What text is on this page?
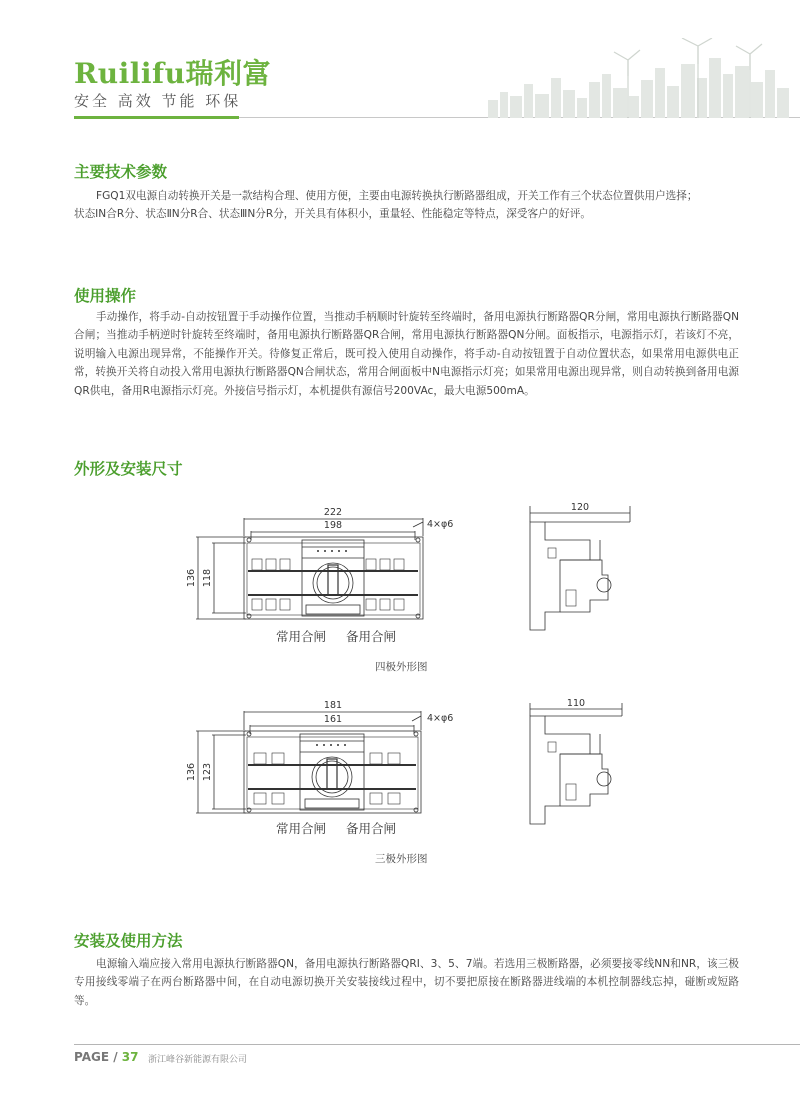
Ruilifu瑞利富
安全 高效 节能 环保
主要技术参数
FGQ1双电源自动转换开关是一款结构合理、使用方便，主要由电源转换执行断路器组成，开关工作有三个状态位置供用户选择；
状态ⅠN合R分、状态ⅡN分R合、状态ⅢN分R分，开关具有体积小，重量轻、性能稳定等特点，深受客户的好评。
使用操作
手动操作，将手动-自动按钮置于手动操作位置，当推动手柄顺时针旋转至终端时，备用电源执行断路器QR分闸，常用电源执行断路器QN合闸；当推动手柄逆时针旋转至终端时，备用电源执行断路器QR合闸，常用电源执行断路器QN分闸。面板指示，电源指示灯，若该灯不亮，说明输入电源出现异常，不能操作开关。待修复正常后，既可投入使用自动操作，将手动-自动按钮置于自动位置状态，如果常用电源供电正常，转换开关将自动投入常用电源执行断路器QN合闸状态，常用合闸面板中N电源指示灯亮；如果常用电源出现异常，则自动转换到备用电源QR供电，备用R电源指示灯亮。外接信号指示灯，本机提供有源信号200VAc，最大电源500mA。
外形及安装尺寸
222
198	4×φ6
136 118
120
181
161	4×φ6
136 123
110
常用合闸 备用合闸
四极外形图
常用合闸 备用合闸
三极外形图
安装及使用方法
电源输入端应接入常用电源执行断路器QN，备用电源执行断路器QRI、3、5、7端。若选用三极断路器，必须要接零线NN和NR，该三极专用接线零端子在两台断路器中间，在自动电源切换开关安装接线过程中，切不要把原接在断路器进线端的本机控制器线忘掉，碰断或短路等。
PAGE / 37 浙江峰谷新能源有限公司
